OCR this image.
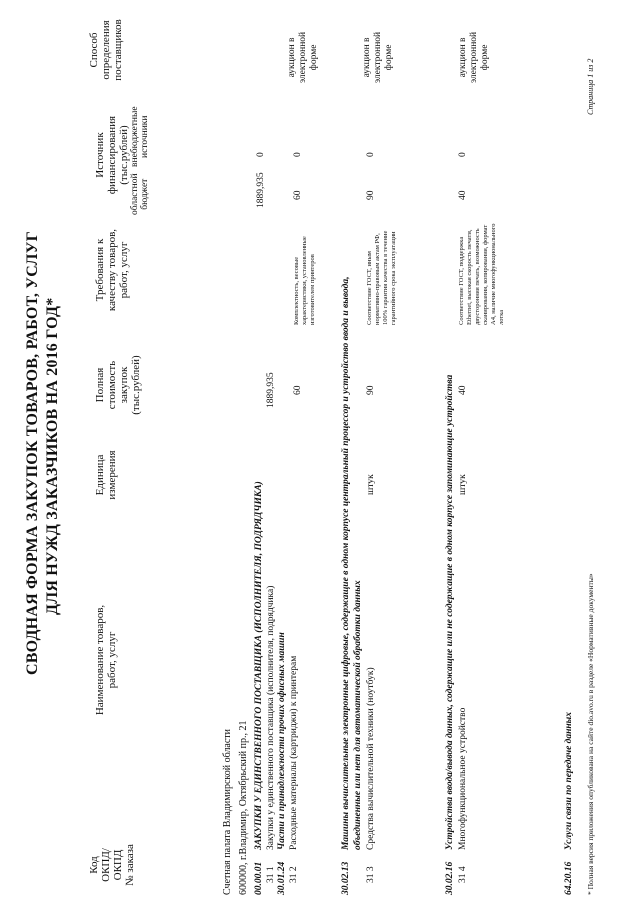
СВОДНАЯ ФОРМА ЗАКУПОК ТОВАРОВ, РАБОТ, УСЛУГ ДЛЯ НУЖД ЗАКАЗЧИКОВ НА 2016 ГОД*
Код ОКПД/ ОКПД № заказа
Наименование товаров, работ, услуг
Единица измерения
Полная стоимость закупок (тыс.рублей)
Требования к качеству товаров, работ, услуг
Источник финансирования (тыс.рублей)
областной бюджет
внебюджетные источники
Способ определения поставщиков
Счетная палата Владимирской области 600000, г.Владимир, Октябрьский пр., 21 00.00.01
ЗАКУПКИ У ЕДИНСТВЕННОГО ПОСТАВЩИКА (ИСПОЛНИТЕЛЯ, ПОДРЯДЧИКА)
31 1
Закупки у единственного поставщика (исполнителя, подрядчика)
1889,935
1889,935
0
30.01.24
Части и принадлежности прочих офисных машин
31 2
Расходные материалы (картриджи) к принтерам
60
Комплектность, весовые характеристики, установленные изготовителем принтеров
60
0
аукцион в электронной форме
30.02.13
Машины вычислительные электронные цифровые, содержащие в одном корпусе центральный процессор и устройство ввода и вывода, объединенные или нет для автоматической обработки данных
31 3
Средства вычислительной техники (ноутбук)
штук
90
Соответствие ГОСТ, иным нормативно-правовым актам РФ, 100% гарантия качества в течение гарантийного срока эксплуатации
90
0
аукцион в электронной форме
30.02.16
Устройства ввода/вывода данных, содержащие или не содержащие в одном корпусе запоминающие устройства
31 4
Многофункциональное устройство
штук
40
Соответствие ГОСТ, поддержка Ethernet, высокая скорость печати, двусторонняя печать, возможность сканирования, копирования, формат А4, наличие многофункционального лотка
40
0
аукцион в электронной форме
64.20.16
Услуги связи по передаче данных * Полная версия приложения опубликована на сайте dio.avo.ru в разделе «Нормативные документы»
Страница 1 из 2
